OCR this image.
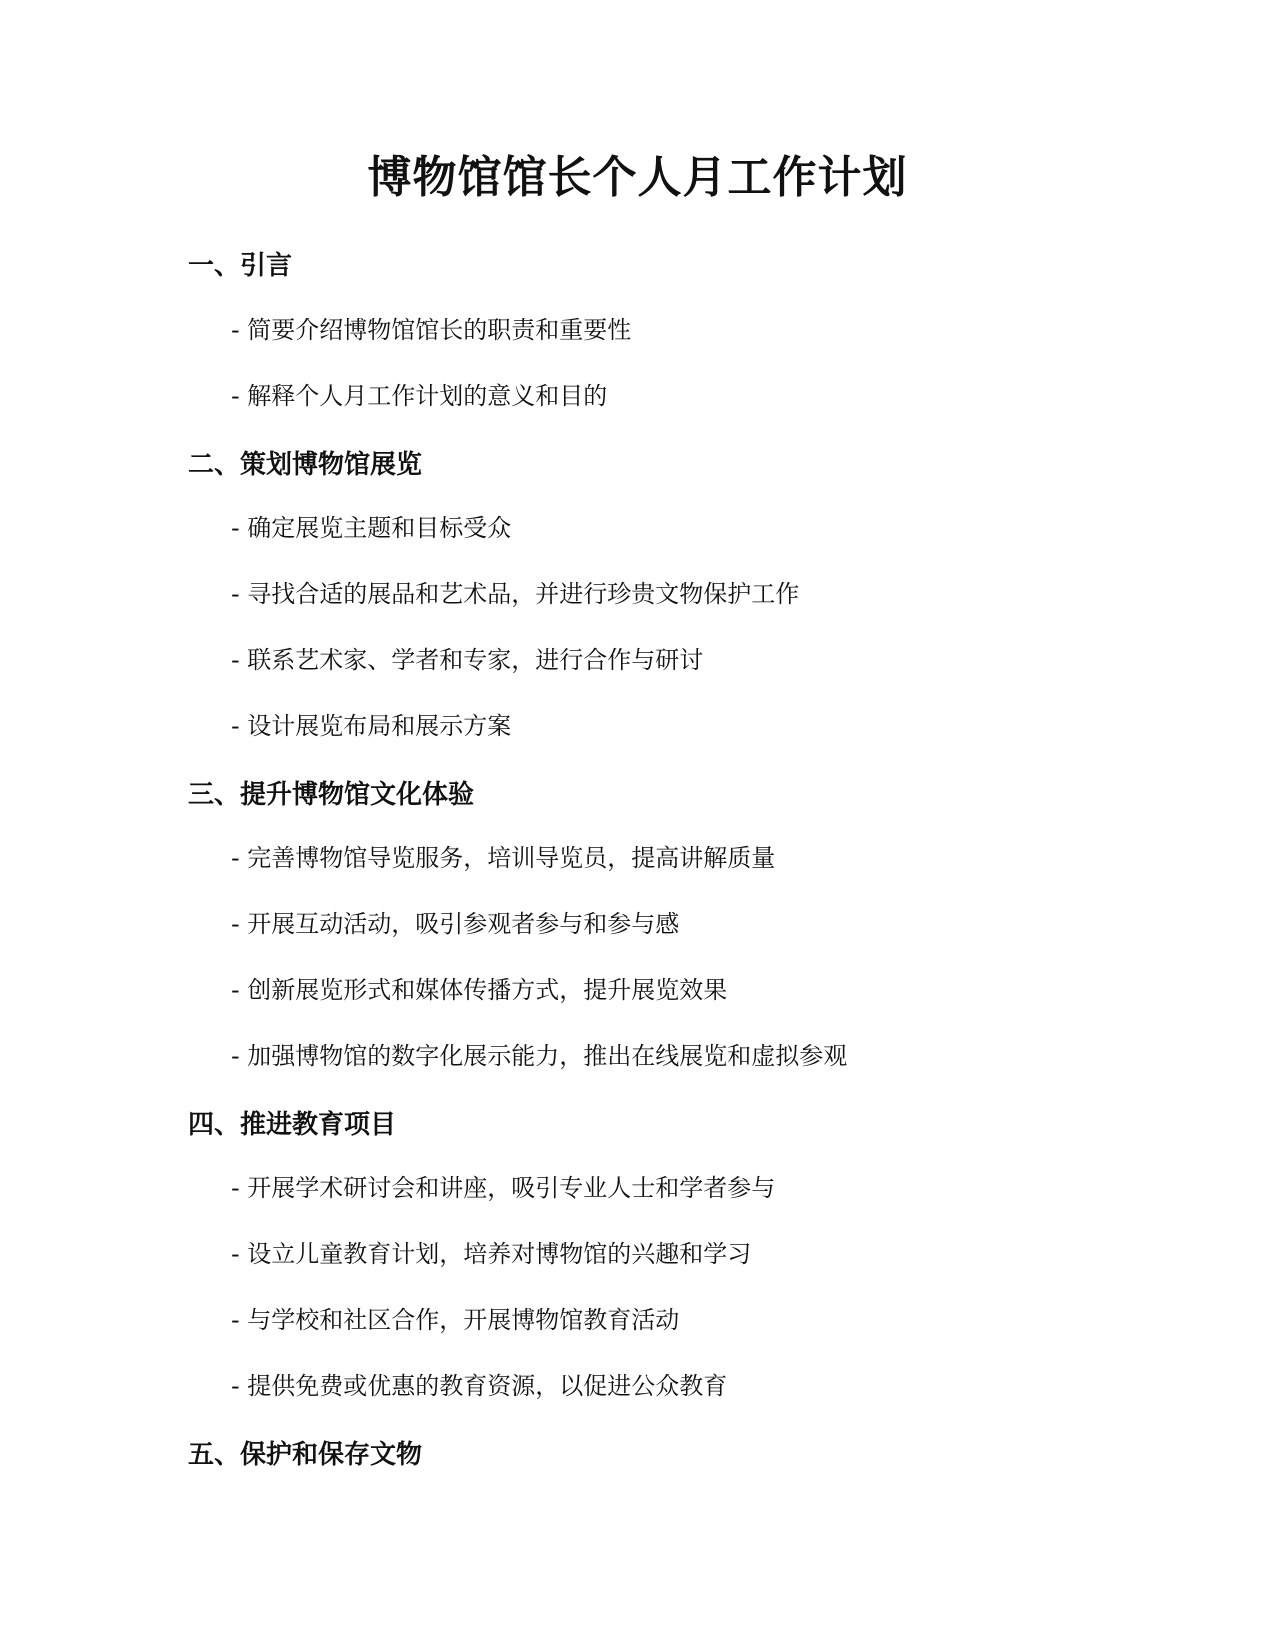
博物馆馆长个人月工作计划
一、引言

- 简要介绍博物馆馆长的职责和重要性

- 解释个人月工作计划的意义和目的

二、策划博物馆展览

- 确定展览主题和目标受众

- 寻找合适的展品和艺术品，并进行珍贵文物保护工作

- 联系艺术家、学者和专家，进行合作与研讨

- 设计展览布局和展示方案

三、提升博物馆文化体验

- 完善博物馆导览服务，培训导览员，提高讲解质量

- 开展互动活动，吸引参观者参与和参与感

- 创新展览形式和媒体传播方式，提升展览效果

- 加强博物馆的数字化展示能力，推出在线展览和虚拟参观

四、推进教育项目

- 开展学术研讨会和讲座，吸引专业人士和学者参与

- 设立儿童教育计划，培养对博物馆的兴趣和学习

- 与学校和社区合作，开展博物馆教育活动

- 提供免费或优惠的教育资源，以促进公众教育

五、保护和保存文物
